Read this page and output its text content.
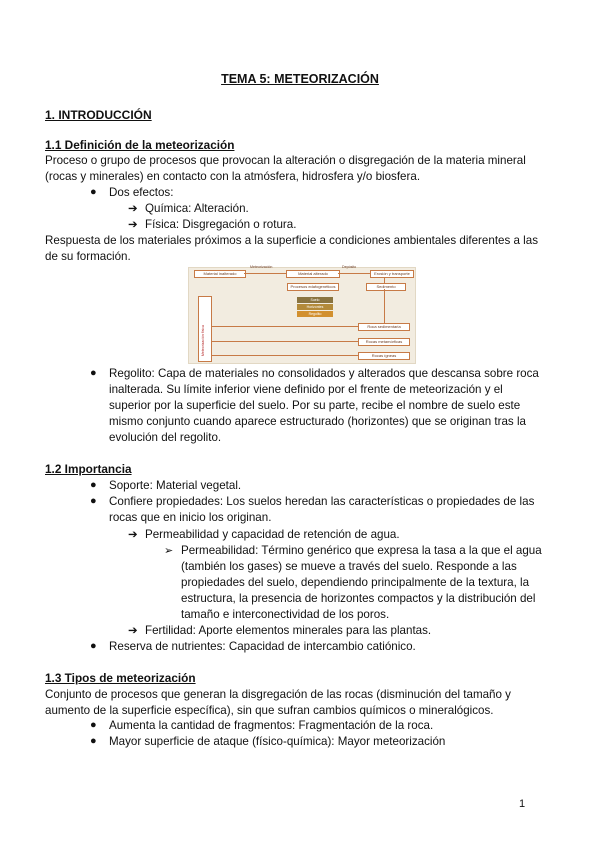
TEMA 5: METEORIZACIÓN
1. INTRODUCCIÓN
1.1 Definición de la meteorización
Proceso o grupo de procesos que provocan la alteración o disgregación de la materia mineral
(rocas y minerales) en contacto con la atmósfera, hidrosfera y/o biosfera.
● Dos efectos:
➔ Química: Alteración.
➔ Física: Disgregación o rotura.
Respuesta de los materiales próximos a la superficie a condiciones ambientales diferentes a las
de su formación.
Material inalterado	Material alterado	Erosión y transporte
Meteorización	Depósito
Procesos edafogenéticos
Suelo
Horizontes
Regolito
Sedimento
Roca sedimentaria
Rocas metamórficas
Rocas ígneas
Meteorización física
● Regolito: Capa de materiales no consolidados y alterados que descansa sobre roca
inalterada. Su límite inferior viene definido por el frente de meteorización y el
superior por la superficie del suelo. Por su parte, recibe el nombre de suelo este
mismo conjunto cuando aparece estructurado (horizontes) que se originan tras la
evolución del regolito.
1.2 Importancia
● Soporte: Material vegetal.
● Confiere propiedades: Los suelos heredan las características o propiedades de las
rocas que en inicio los originan.
➔ Permeabilidad y capacidad de retención de agua.
➢ Permeabilidad: Término genérico que expresa la tasa a la que el agua
(también los gases) se mueve a través del suelo. Responde a las
propiedades del suelo, dependiendo principalmente de la textura, la
estructura, la presencia de horizontes compactos y la distribución del
tamaño e interconectividad de los poros.
➔ Fertilidad: Aporte elementos minerales para las plantas.
● Reserva de nutrientes: Capacidad de intercambio catiónico.
1.3 Tipos de meteorización
Conjunto de procesos que generan la disgregación de las rocas (disminución del tamaño y
aumento de la superficie específica), sin que sufran cambios químicos o mineralógicos.
● Aumenta la cantidad de fragmentos: Fragmentación de la roca.
● Mayor superficie de ataque (físico-química): Mayor meteorización
1
